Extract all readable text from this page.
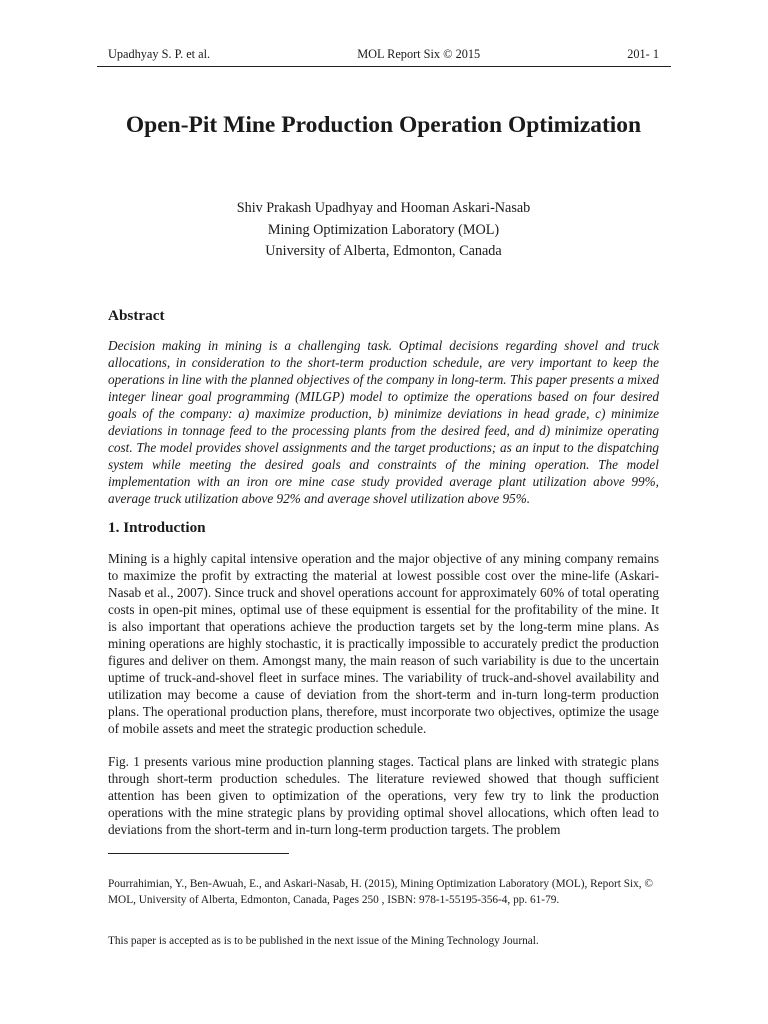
Upadhyay S. P. et al.	MOL Report Six © 2015	201- 1
Open-Pit Mine Production Operation Optimization
Shiv Prakash Upadhyay and Hooman Askari-Nasab
Mining Optimization Laboratory (MOL)
University of Alberta, Edmonton, Canada
Abstract

Decision making in mining is a challenging task. Optimal decisions regarding shovel and truck allocations, in consideration to the short-term production schedule, are very important to keep the operations in line with the planned objectives of the company in long-term. This paper presents a mixed integer linear goal programming (MILGP) model to optimize the operations based on four desired goals of the company: a) maximize production, b) minimize deviations in head grade, c) minimize deviations in tonnage feed to the processing plants from the desired feed, and d) minimize operating cost. The model provides shovel assignments and the target productions; as an input to the dispatching system while meeting the desired goals and constraints of the mining operation. The model implementation with an iron ore mine case study provided average plant utilization above 99%, average truck utilization above 92% and average shovel utilization above 95%.

1. Introduction

Mining is a highly capital intensive operation and the major objective of any mining company remains to maximize the profit by extracting the material at lowest possible cost over the mine-life (Askari-Nasab et al., 2007). Since truck and shovel operations account for approximately 60% of total operating costs in open-pit mines, optimal use of these equipment is essential for the profitability of the mine. It is also important that operations achieve the production targets set by the long-term mine plans. As mining operations are highly stochastic, it is practically impossible to accurately predict the production figures and deliver on them. Amongst many, the main reason of such variability is due to the uncertain uptime of truck-and-shovel fleet in surface mines. The variability of truck-and-shovel availability and utilization may become a cause of deviation from the short-term and in-turn long-term production plans. The operational production plans, therefore, must incorporate two objectives, optimize the usage of mobile assets and meet the strategic production schedule.

Fig. 1 presents various mine production planning stages. Tactical plans are linked with strategic plans through short-term production schedules. The literature reviewed showed that though sufficient attention has been given to optimization of the operations, very few try to link the production operations with the mine strategic plans by providing optimal shovel allocations, which often lead to deviations from the short-term and in-turn long-term production targets. The problem

Pourrahimian, Y., Ben-Awuah, E., and Askari-Nasab, H. (2015), Mining Optimization Laboratory (MOL), Report Six, © MOL, University of Alberta, Edmonton, Canada, Pages 250 , ISBN: 978-1-55195-356-4, pp. 61-79.

This paper is accepted as is to be published in the next issue of the Mining Technology Journal.
